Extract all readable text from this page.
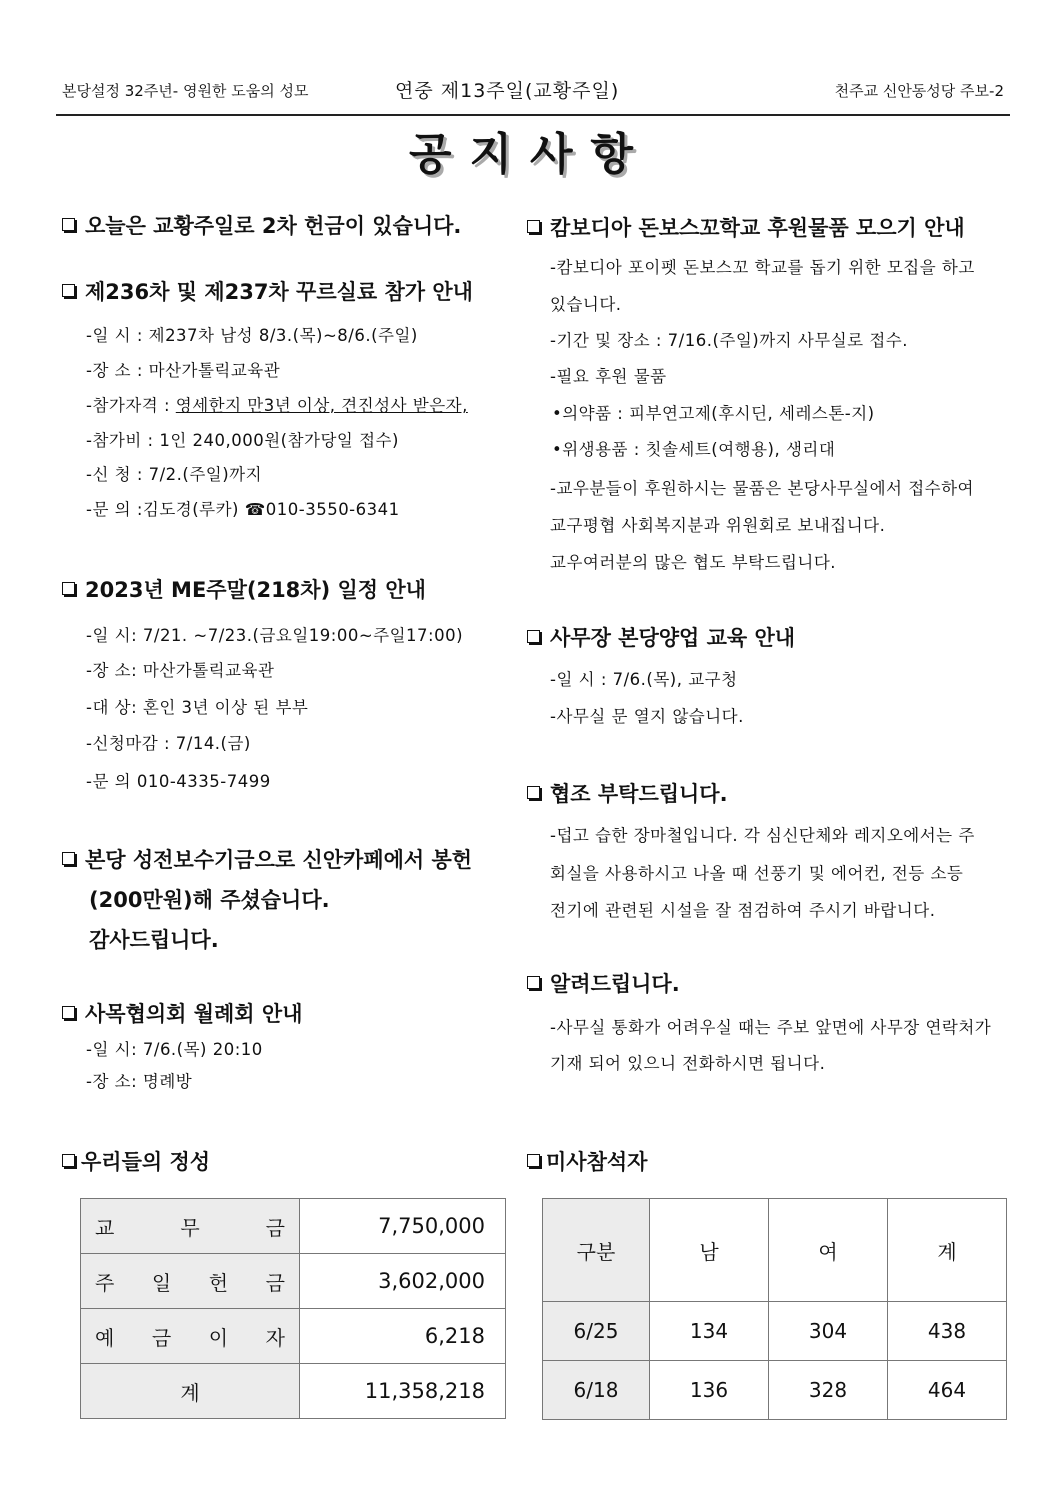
본당설정 32주년- 영원한 도움의 성모	연중 제13주일(교황주일)	천주교 신안동성당 주보-2
공지사항
오늘은 교황주일로 2차 헌금이 있습니다.
제236차 및 제237차 꾸르실료 참가 안내
-일 시 : 제237차 남성 8/3.(목)~8/6.(주일)
-장 소 : 마산가톨릭교육관
-참가자격 : 영세한지 만3년 이상, 견진성사 받은자,
-참가비 : 1인 240,000원(참가당일 접수)
-신 청 : 7/2.(주일)까지
-문 의 :김도경(루카) ☎010-3550-6341
2023년 ME주말(218차) 일정 안내
-일 시: 7/21. ~7/23.(금요일19:00~주일17:00)
-장 소: 마산가톨릭교육관
-대 상: 혼인 3년 이상 된 부부
-신청마감 : 7/14.(금)
-문 의 010-4335-7499
본당 성전보수기금으로 신안카페에서 봉헌
(200만원)해 주셨습니다.
감사드립니다.
사목협의회 월례회 안내
-일 시: 7/6.(목) 20:10
-장 소: 명례방
캄보디아 돈보스꼬학교 후원물품 모으기 안내
-캄보디아 포이펫 돈보스꼬 학교를 돕기 위한 모집을 하고
있습니다.
-기간 및 장소 : 7/16.(주일)까지 사무실로 접수.
-필요 후원 물품
•의약품 : 피부연고제(후시딘, 세레스톤-지)
•위생용품 : 칫솔세트(여행용), 생리대
-교우분들이 후원하시는 물품은 본당사무실에서 접수하여
교구평협 사회복지분과 위원회로 보내집니다.
교우여러분의 많은 협도 부탁드립니다.
사무장 본당양업 교육 안내
-일 시 : 7/6.(목), 교구청
-사무실 문 열지 않습니다.
협조 부탁드립니다.
-덥고 습한 장마철입니다. 각 심신단체와 레지오에서는 주
회실을 사용하시고 나올 때 선풍기 및 에어컨, 전등 소등
전기에 관련된 시설을 잘 점검하여 주시기 바랍니다.
알려드립니다.
-사무실 통화가 어려우실 때는 주보 앞면에 사무장 연락처가
기재 되어 있으니 전화하시면 됩니다.
우리들의 정성
교 무 금	7,750,000

주 일 헌 금	3,602,000

예 금 이 자	6,218
계	11,358,218
미사참석자
구분	남	여	계
6/25	134	304	438
6/18	136	328	464
